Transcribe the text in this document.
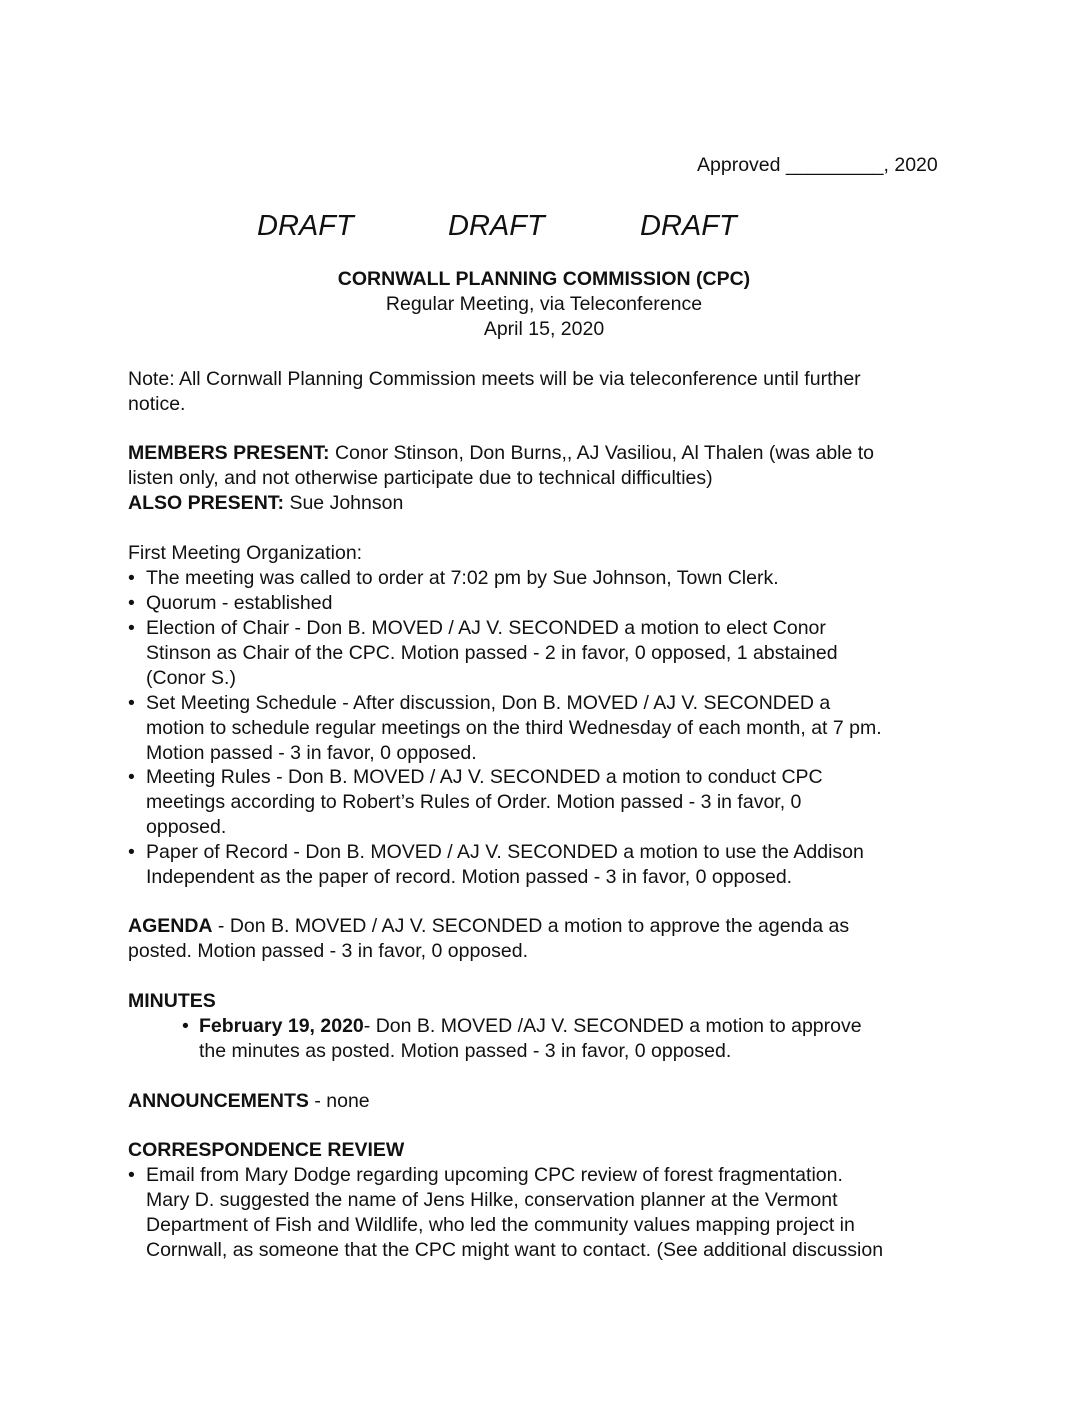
Approved _________, 2020
DRAFT	DRAFT	DRAFT
CORNWALL PLANNING COMMISSION (CPC)
Regular Meeting, via Teleconference
April 15, 2020
Note: All Cornwall Planning Commission meets will be via teleconference until further
notice.
MEMBERS PRESENT: Conor Stinson, Don Burns,, AJ Vasiliou, Al Thalen (was able to
listen only, and not otherwise participate due to technical difficulties)
ALSO PRESENT: Sue Johnson
First Meeting Organization:
• The meeting was called to order at 7:02 pm by Sue Johnson, Town Clerk.
• Quorum - established
• Election of Chair - Don B. MOVED / AJ V. SECONDED a motion to elect Conor
Stinson as Chair of the CPC. Motion passed - 2 in favor, 0 opposed, 1 abstained
(Conor S.)
• Set Meeting Schedule - After discussion, Don B. MOVED / AJ V. SECONDED a
motion to schedule regular meetings on the third Wednesday of each month, at 7 pm.
Motion passed - 3 in favor, 0 opposed.
• Meeting Rules - Don B. MOVED / AJ V. SECONDED a motion to conduct CPC
meetings according to Robert’s Rules of Order. Motion passed - 3 in favor, 0
opposed.
• Paper of Record - Don B. MOVED / AJ V. SECONDED a motion to use the Addison
Independent as the paper of record. Motion passed - 3 in favor, 0 opposed.
AGENDA - Don B. MOVED / AJ V. SECONDED a motion to approve the agenda as
posted. Motion passed - 3 in favor, 0 opposed.
MINUTES
• February 19, 2020- Don B. MOVED /AJ V. SECONDED a motion to approve
the minutes as posted. Motion passed - 3 in favor, 0 opposed.
ANNOUNCEMENTS - none
CORRESPONDENCE REVIEW
• Email from Mary Dodge regarding upcoming CPC review of forest fragmentation.
Mary D. suggested the name of Jens Hilke, conservation planner at the Vermont
Department of Fish and Wildlife, who led the community values mapping project in
Cornwall, as someone that the CPC might want to contact. (See additional discussion
